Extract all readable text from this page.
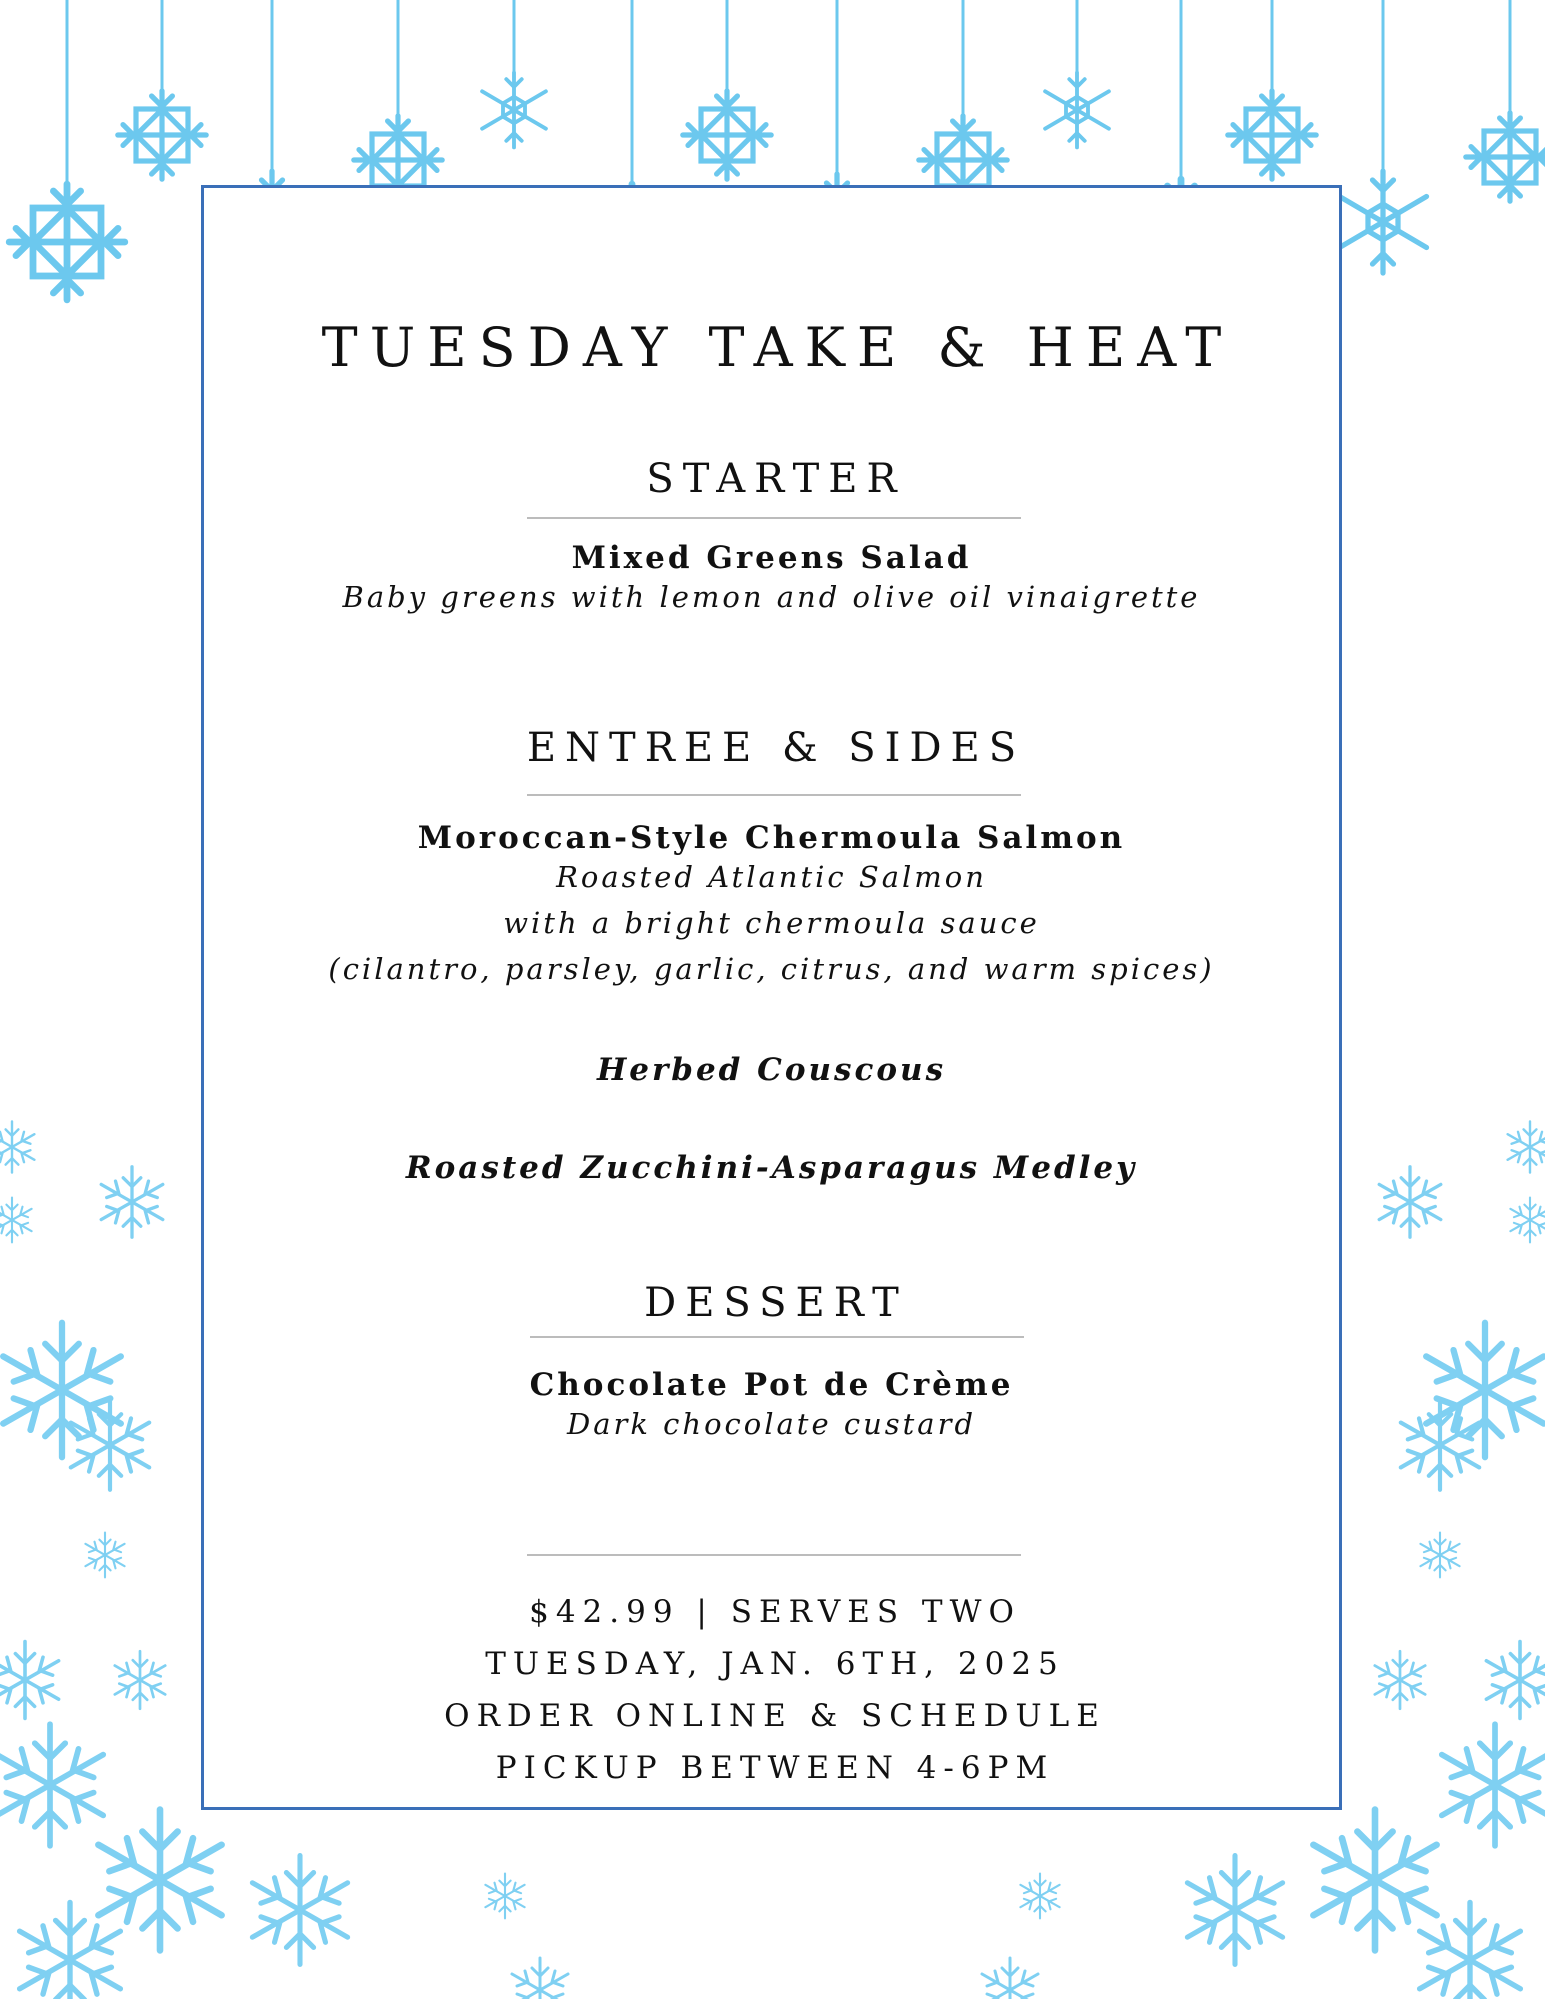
TUESDAY TAKE & HEAT
STARTER

Mixed Greens Salad

Baby greens with lemon and olive oil vinaigrette

ENTREE & SIDES

Moroccan-Style Chermoula Salmon

Roasted Atlantic Salmon

with a bright chermoula sauce

(cilantro, parsley, garlic, citrus, and warm spices)

Herbed Couscous

Roasted Zucchini-Asparagus Medley

DESSERT

Chocolate Pot de Crème

Dark chocolate custard

$42.99 | SERVES TWO

TUESDAY, JAN. 6TH, 2025

ORDER ONLINE & SCHEDULE

PICKUP BETWEEN 4-6PM
